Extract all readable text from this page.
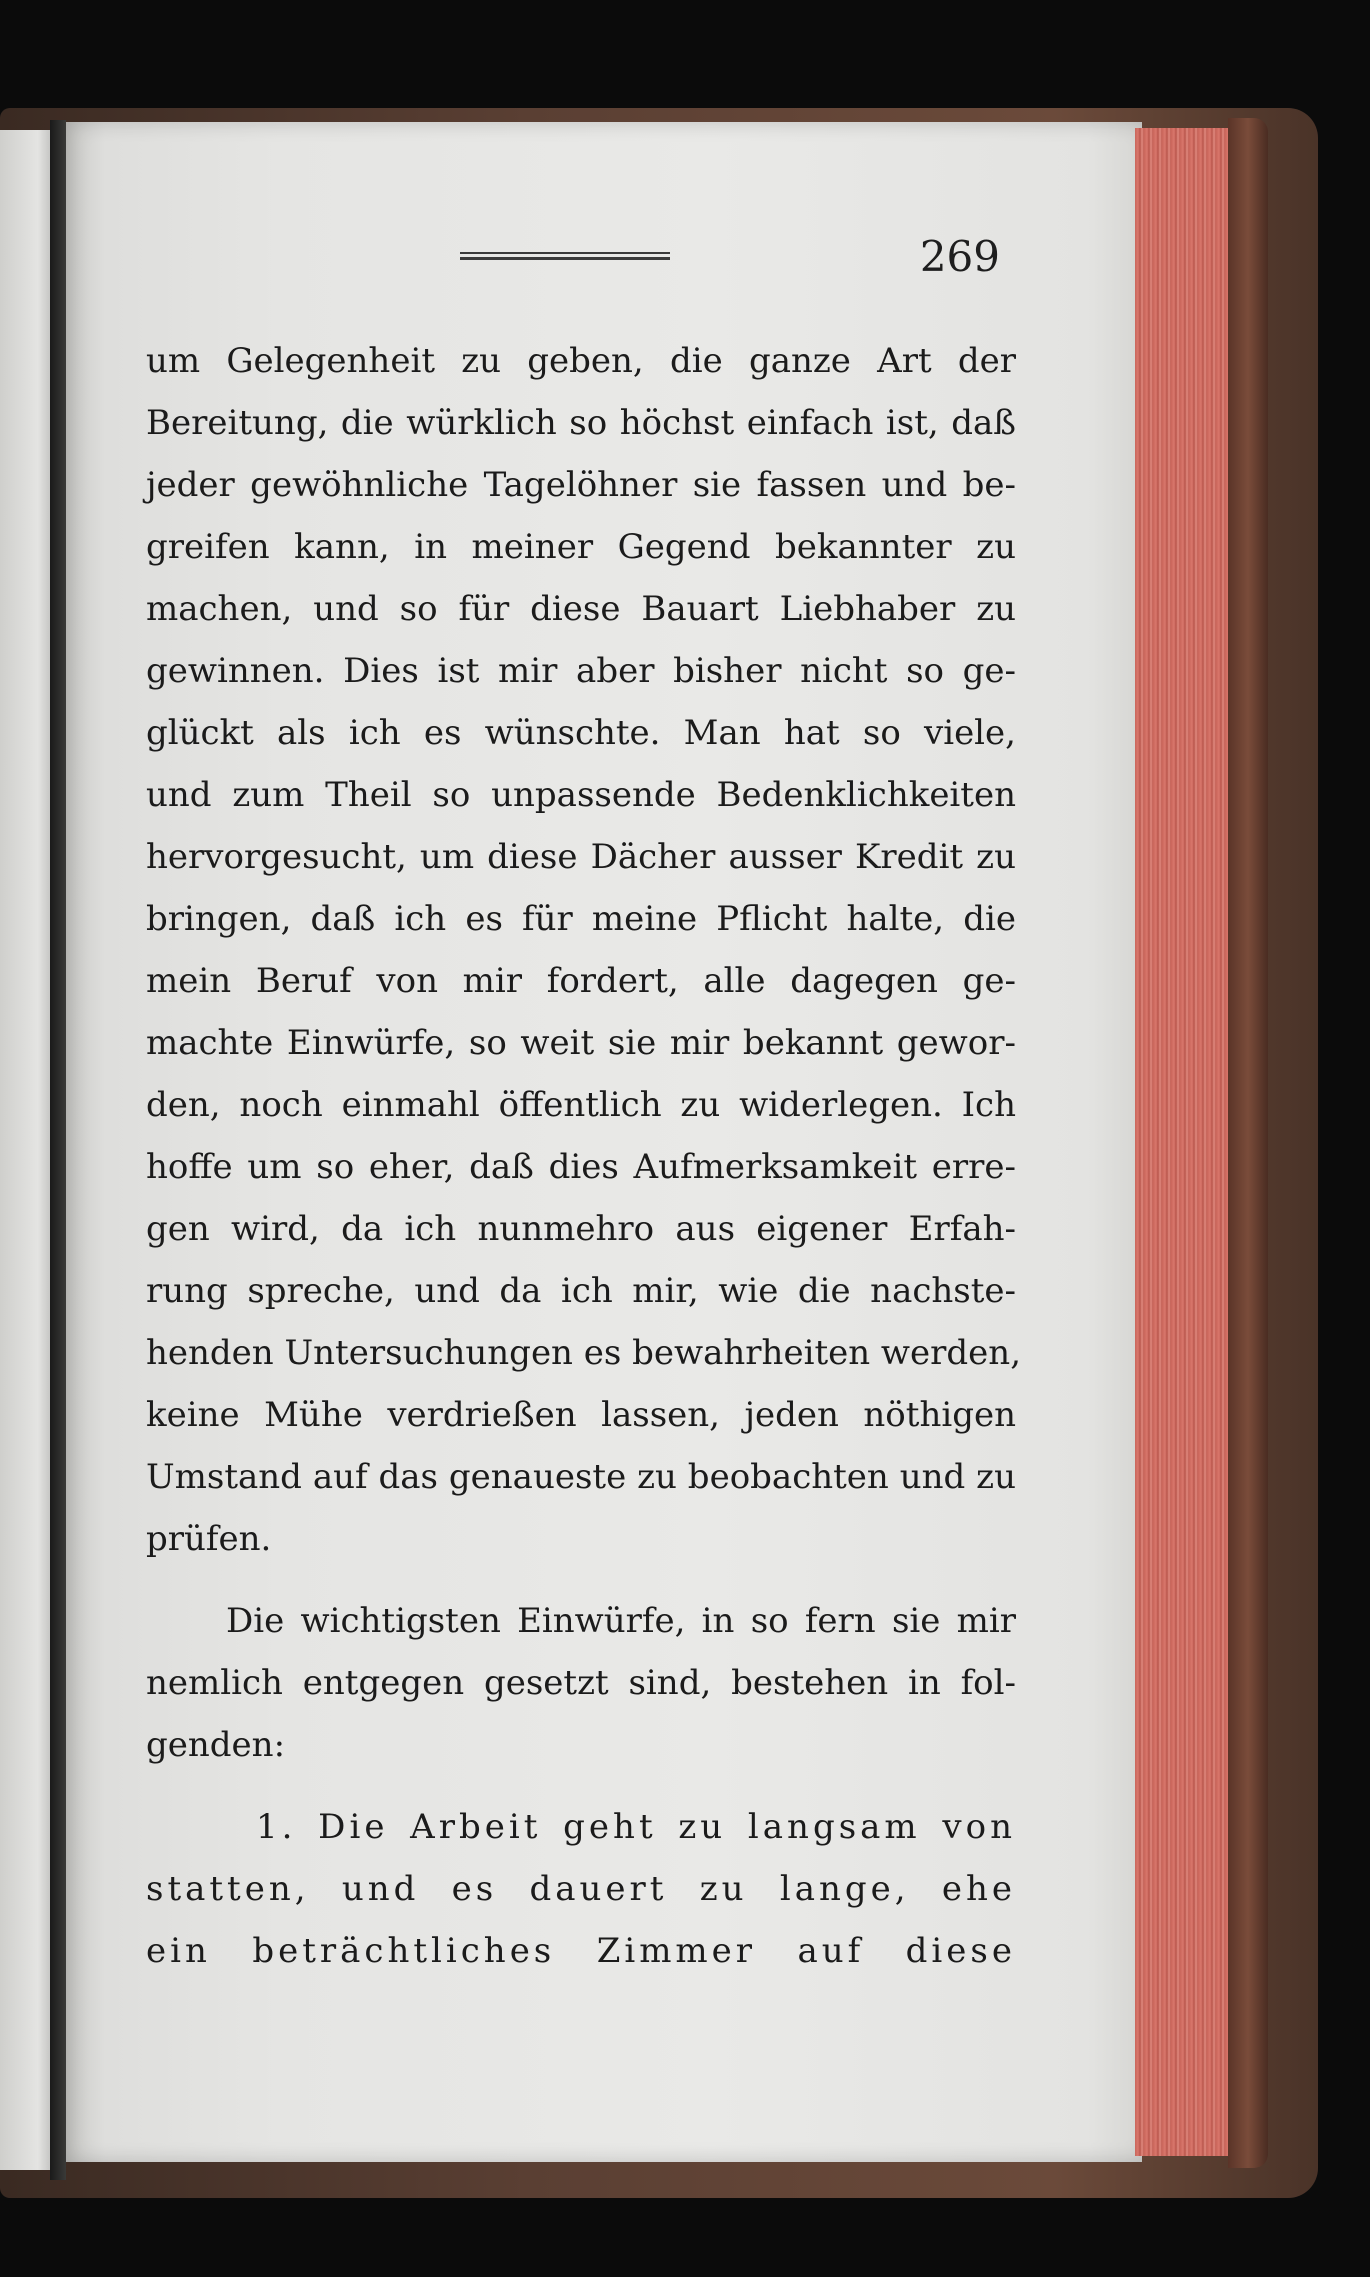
269
um Gelegenheit zu geben, die ganze Art der
Bereitung, die würklich so höchst einfach ist, daß
jeder gewöhnliche Tagelöhner sie fassen und be-
greifen kann, in meiner Gegend bekannter zu
machen, und so für diese Bauart Liebhaber zu
gewinnen. Dies ist mir aber bisher nicht so ge-
glückt als ich es wünschte. Man hat so viele,
und zum Theil so unpassende Bedenklichkeiten
hervorgesucht, um diese Dächer ausser Kredit zu
bringen, daß ich es für meine Pflicht halte, die
mein Beruf von mir fordert, alle dagegen ge-
machte Einwürfe, so weit sie mir bekannt gewor-
den, noch einmahl öffentlich zu widerlegen. Ich
hoffe um so eher, daß dies Aufmerksamkeit erre-
gen wird, da ich nunmehro aus eigener Erfah-
rung spreche, und da ich mir, wie die nachste-
henden Untersuchungen es bewahrheiten werden,
keine Mühe verdrießen lassen, jeden nöthigen
Umstand auf das genaueste zu beobachten und zu
prüfen.
Die wichtigsten Einwürfe, in so fern sie mir
nemlich entgegen gesetzt sind, bestehen in fol-
genden:
1. Die Arbeit geht zu langsam von
statten, und es dauert zu lange, ehe
ein beträchtliches Zimmer auf diese
